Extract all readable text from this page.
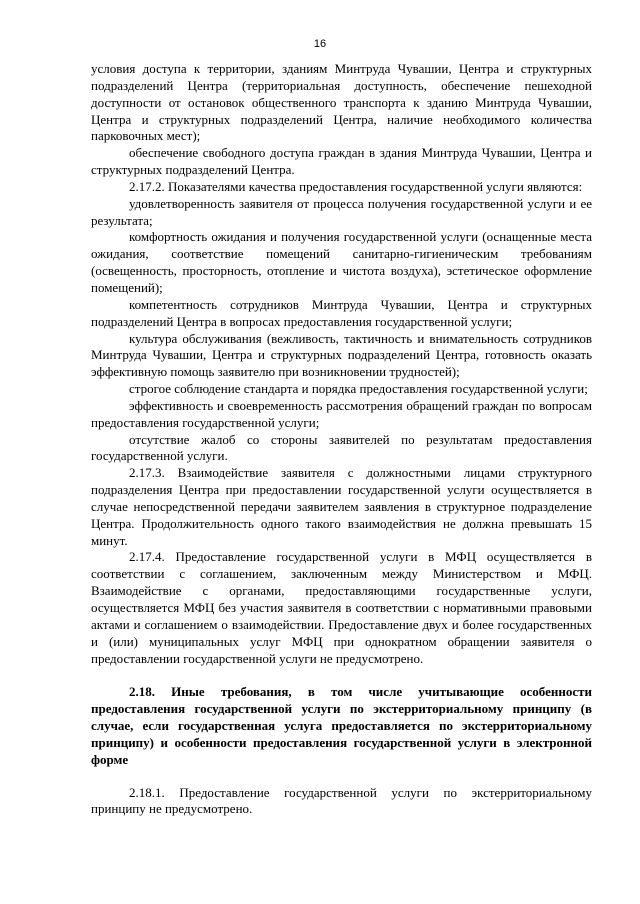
16

условия доступа к территории, зданиям Минтруда Чувашии, Центра и структурных подразделений Центра (территориальная доступность, обеспечение пешеходной доступности от остановок общественного транспорта к зданию Минтруда Чувашии, Центра и структурных подразделений Центра, наличие необходимого количества парковочных мест);

обеспечение свободного доступа граждан в здания Минтруда Чувашии, Центра и структурных подразделений Центра.

2.17.2. Показателями качества предоставления государственной услуги являются:

удовлетворенность заявителя от процесса получения государственной услуги и ее результата;

комфортность ожидания и получения государственной услуги (оснащенные места ожидания, соответствие помещений санитарно-гигиеническим требованиям (освещенность, просторность, отопление и чистота воздуха), эстетическое оформление помещений);

компетентность сотрудников Минтруда Чувашии, Центра и структурных подразделений Центра в вопросах предоставления государственной услуги;

культура обслуживания (вежливость, тактичность и внимательность сотрудников Минтруда Чувашии, Центра и структурных подразделений Центра, готовность оказать эффективную помощь заявителю при возникновении трудностей);

строгое соблюдение стандарта и порядка предоставления государственной услуги;

эффективность и своевременность рассмотрения обращений граждан по вопросам предоставления государственной услуги;

отсутствие жалоб со стороны заявителей по результатам предоставления государственной услуги.

2.17.3. Взаимодействие заявителя с должностными лицами структурного подразделения Центра при предоставлении государственной услуги осуществляется в случае непосредственной передачи заявителем заявления в структурное подразделение Центра. Продолжительность одного такого взаимодействия не должна превышать 15 минут.

2.17.4. Предоставление государственной услуги в МФЦ осуществляется в соответствии с соглашением, заключенным между Министерством и МФЦ. Взаимодействие с органами, предоставляющими государственные услуги, осуществляется МФЦ без участия заявителя в соответствии с нормативными правовыми актами и соглашением о взаимодействии. Предоставление двух и более государственных и (или) муниципальных услуг МФЦ при однократном обращении заявителя о предоставлении государственной услуги не предусмотрено.

2.18. Иные требования, в том числе учитывающие особенности предоставления государственной услуги по экстерриториальному принципу (в случае, если государственная услуга предоставляется по экстерриториальному принципу) и особенности предоставления государственной услуги в электронной форме

2.18.1. Предоставление государственной услуги по экстерриториальному принципу не предусмотрено.
